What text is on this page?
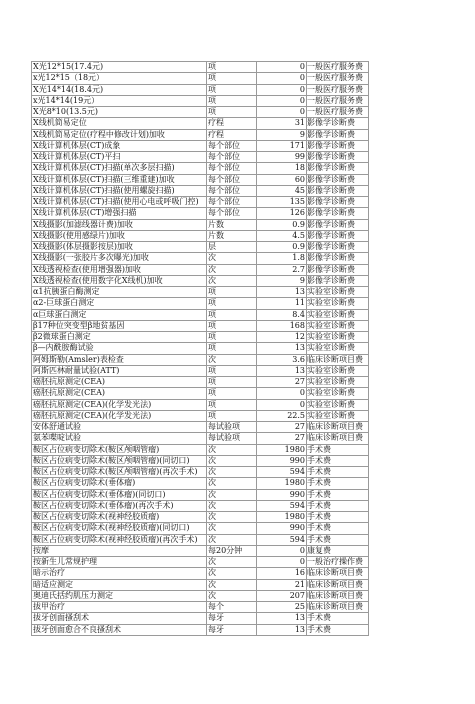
X光12*15(17.4元)	项	0	一般医疗服务费
x光12*15（18元）	项	0	一般医疗服务费
X光14*14(18.4元)	项	0	一般医疗服务费
x光14*14(19元）	项	0	一般医疗服务费
X光8*10(13.5元)	项	0	一般医疗服务费
X线机简易定位	疗程	31	影像学诊断费
X线机简易定位(疗程中修改计划)加收	疗程	9	影像学诊断费
X线计算机体层(CT)成象	每个部位	171	影像学诊断费
X线计算机体层(CT)平扫	每个部位	99	影像学诊断费
X线计算机体层(CT)扫描(单次多层扫描)	每个部位	18	影像学诊断费
X线计算机体层(CT)扫描(三维重建)加收	每个部位	60	影像学诊断费
X线计算机体层(CT)扫描(使用螺旋扫描)	每个部位	45	影像学诊断费
X线计算机体层(CT)扫描(使用心电或呼吸门控)	每个部位	135	影像学诊断费
X线计算机体层(CT)增强扫描	每个部位	126	影像学诊断费
X线摄影(加滤线器计费)加收	片数	0.9	影像学诊断费
X线摄影(使用感绿片)加收	片数	4.5	影像学诊断费
X线摄影(体层摄影按层)加收	层	0.9	影像学诊断费
X线摄影(一张胶片多次曝光)加收	次	1.8	影像学诊断费
X线透视检查(使用增强器)加收	次	2.7	影像学诊断费
X线透视检查(使用数字化X线机)加收	次	9	影像学诊断费
α1抗胰蛋白酶测定	项	13	实验室诊断费
α2-巨球蛋白测定	项	11	实验室诊断费
α巨球蛋白测定	项	8.4	实验室诊断费
β17种位突变型β地贫基因	项	168	实验室诊断费
β2微球蛋白测定	项	12	实验室诊断费
β—内酰胺酶试验	项	13	实验室诊断费
阿姆斯勒(Amsler)表检查	次	3.6	临床诊断项目费
阿斯匹林耐量试验(ATT)	项	13	实验室诊断费
癌胚抗原测定(CEA)	项	27	实验室诊断费
癌胚抗原测定(CEA)	项	0	实验室诊断费
癌胚抗原测定(CEA)(化学发光法)	项	0	实验室诊断费
癌胚抗原测定(CEA)(化学发光法)	项	22.5	实验室诊断费
安体舒通试验	每试验项	27	临床诊断项目费
氨苯喋啶试验	每试验项	27	临床诊断项目费
鞍区占位病变切除术(鞍区颅咽管瘤)	次	1980	手术费
鞍区占位病变切除术(鞍区颅咽管瘤)(同切口)	次	990	手术费
鞍区占位病变切除术(鞍区颅咽管瘤)(再次手术)	次	594	手术费
鞍区占位病变切除术(垂体瘤)	次	1980	手术费
鞍区占位病变切除术(垂体瘤)(同切口)	次	990	手术费
鞍区占位病变切除术(垂体瘤)(再次手术)	次	594	手术费
鞍区占位病变切除术(视神经胶质瘤)	次	1980	手术费
鞍区占位病变切除术(视神经胶质瘤)(同切口)	次	990	手术费
鞍区占位病变切除术(视神经胶质瘤)(再次手术)	次	594	手术费
按摩	每20分钟	0	康复费
按新生儿常规护理	次	0	一般治疗操作费
暗示治疗	次	16	临床诊断项目费
暗适应测定	次	21	临床诊断项目费
奥迪氏括约肌压力测定	次	207	临床诊断项目费
拔甲治疗	每个	25	临床诊断项目费
拔牙创面搔刮术	每牙	13	手术费
拔牙创面愈合不良搔刮术	每牙	13	手术费
